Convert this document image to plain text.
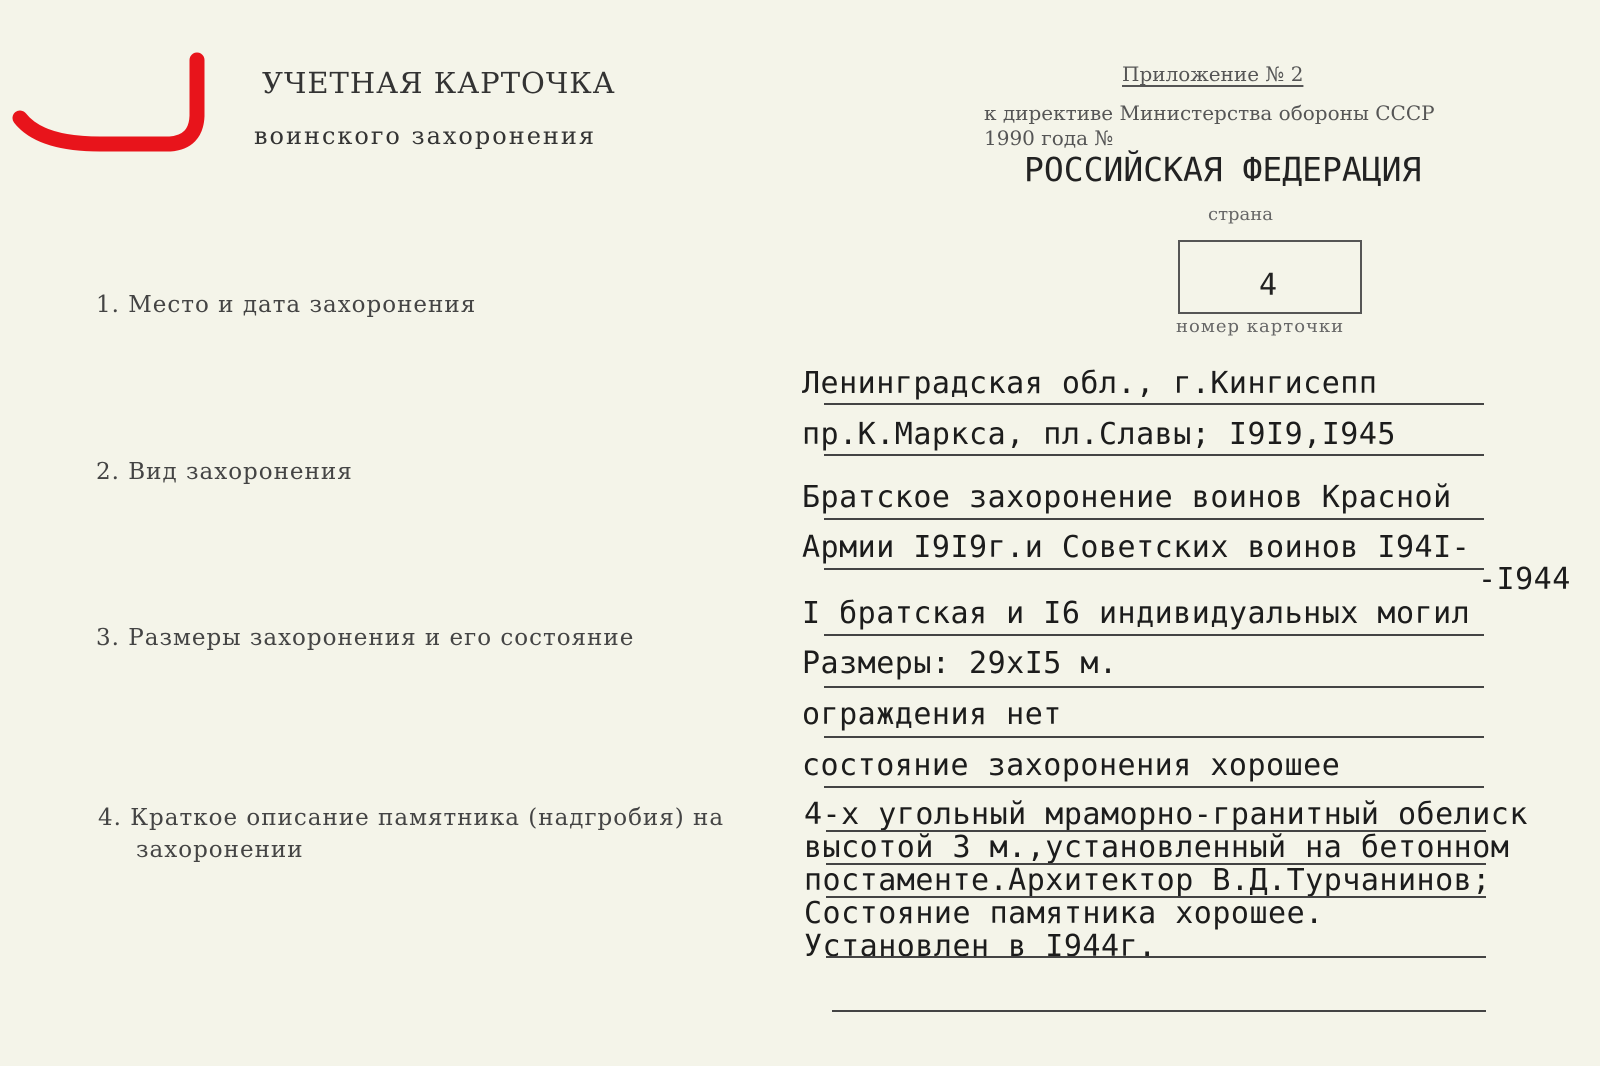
УЧЕТНАЯ КАРТОЧКА
воинского захоронения
Приложение № 2
к директиве Министерства обороны СССР
1990 года №
РОССИЙСКАЯ ФЕДЕРАЦИЯ
страна
4
номер карточки
1. Место и дата захоронения
2. Вид захоронения
3. Размеры захоронения и его состояние
4. Краткое описание памятника (надгробия) на
захоронении
Ленинградская обл., г.Кингисепп
пр.К.Маркса, пл.Славы; I9I9,I945
Братское захоронение воинов Красной
Армии I9I9г.и Советских воинов I94I-
-I944
I братская и I6 индивидуальных могил
Размеры: 29хI5 м.
ограждения нет
состояние захоронения хорошее
4-х угольный мраморно-гранитный обелиск
высотой 3 м.,установленный на бетонном
постаменте.Архитектор В.Д.Турчанинов;
Состояние памятника хорошее.
Установлен в I944г.
